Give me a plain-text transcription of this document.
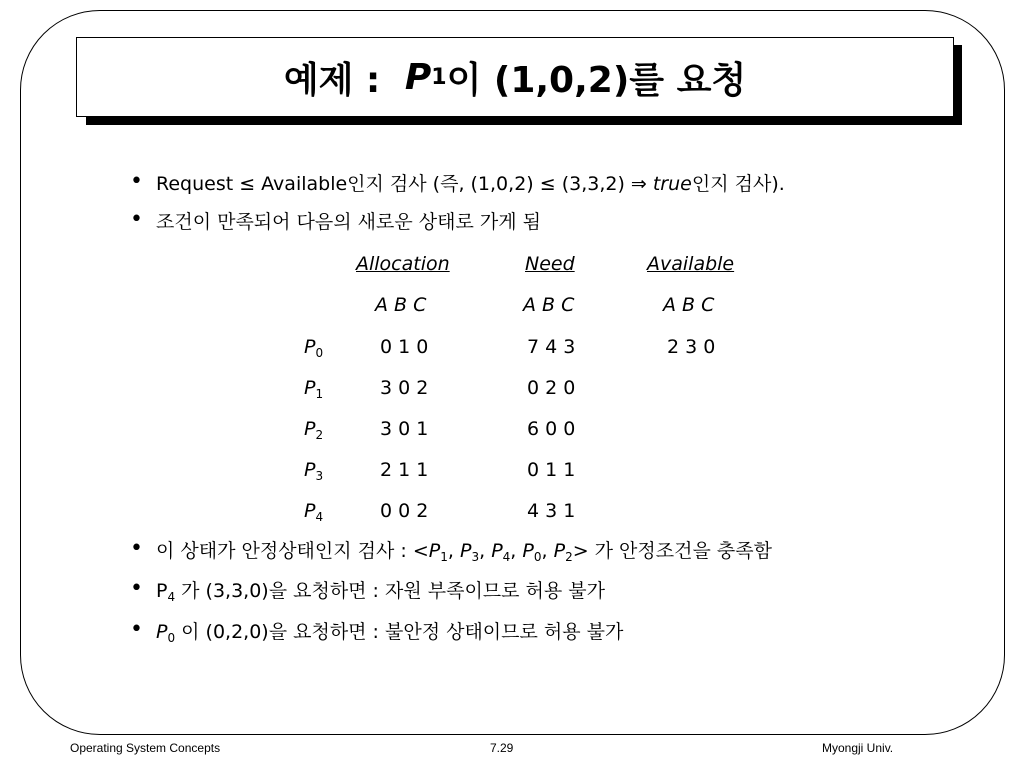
예제 : P 1 이 (1,0,2)를 요청
• Request ≤ Available인지 검사 (즉, (1,0,2) ≤ (3,3,2) ⇒ true인지 검사).
• 조건이 만족되어 다음의 새로운 상태로 가게 됨
Allocation	Need	Available
A B C	A B C	A B C
$P_0$	0 1 0	7 4 3	2 3 0
$P_1$	3 0 2	0 2 0
$P_2$	3 0 1	6 0 0
$P_3$	2 1 1	0 1 1
$P_4$	0 0 2	4 3 1
• 이 상태가 안정상태인지 검사 : $<P_1$, $P_3$, $P_4$, $P_0$, $P_2>$ 가 안정조건을 충족함
• $P_4$ 가 (3,3,0)을 요청하면 : 자원 부족이므로 허용 불가
• $P_0$ 이 (0,2,0)을 요청하면 : 불안정 상태이므로 허용 불가
Operating System Concepts	7.29	Myongji Univ.
